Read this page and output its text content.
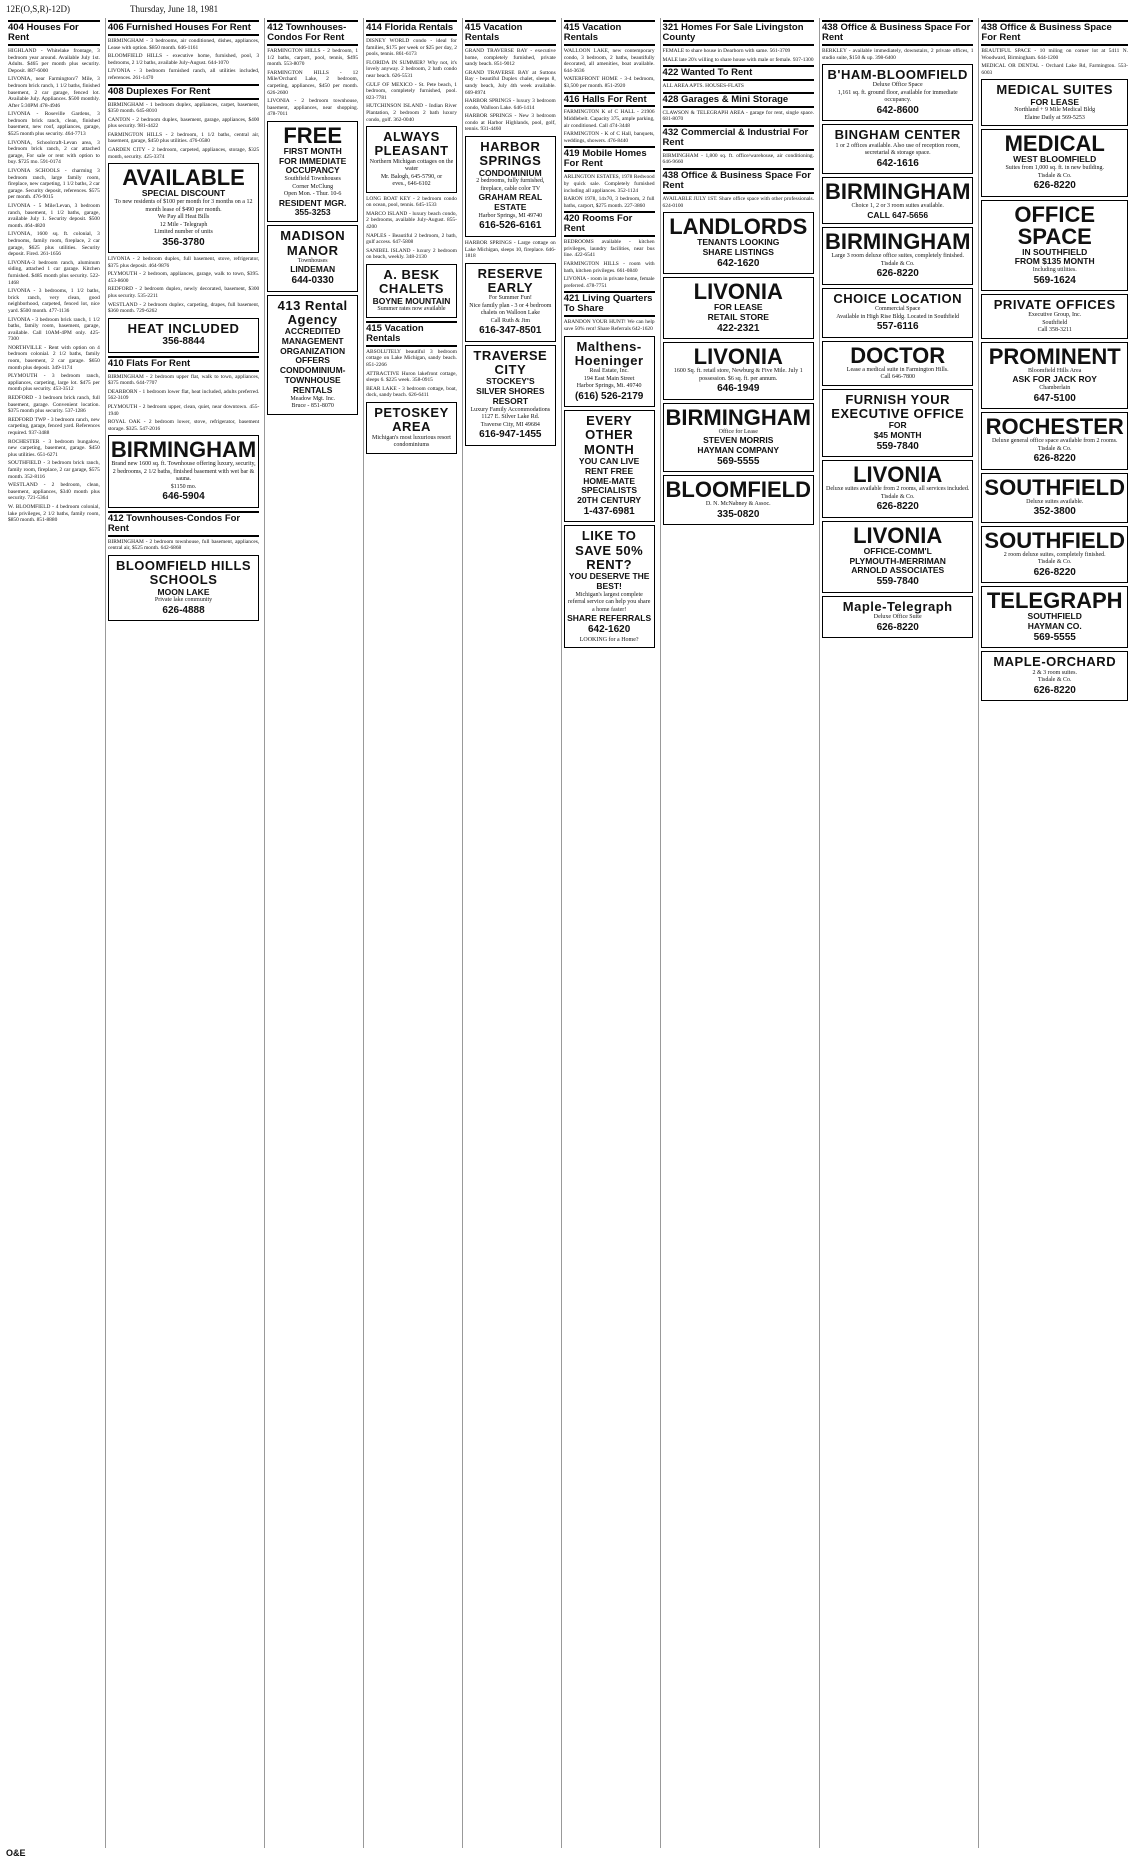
12E(O,S,R)-12D)	Thursday, June 18, 1981
404 Houses For Rent
HIGHLAND - Whitelake frontage, 3 bedroom year around. Available July 1st. Adults. $465 per month plus security. Deposit. 887-6000
LIVONIA, near Farmington/7 Mile, 3 bedroom brick ranch, 1 1/2 baths, finished basement, 2 car garage, fenced lot. Available July. Appliances. $500 monthly. After 5:30PM 478-4946
LIVONIA - Roseville Gardens, 3 bedroom brick ranch, clean, finished basement, new roof, appliances, garage, $525 month plus security. 464-7713
LIVONIA, Schoolcraft-Levan area, 3 bedroom brick ranch, 2 car attached garage, For sale or rent with option to buy. $725 mo. 591-0174
LIVONIA SCHOOLS - charming 3 bedroom ranch, large family room, fireplace, new carpeting, 1 1/2 baths, 2 car garage. Security deposit, references. $575 per month. 476-9015
LIVONIA - 5 Mile/Levan, 3 bedroom ranch, basement, 1 1/2 baths, garage, available July 1. Security deposit. $500 month. 464-4820
LIVONIA, 1600 sq. ft. colonial, 3 bedrooms, family room, fireplace, 2 car garage, $625 plus utilities. Security deposit. Fired. 261-1656
LIVONIA-3 bedroom ranch, aluminum siding, attached 1 car garage. Kitchen furnished. $485 month plus security. 522-1468
LIVONIA - 3 bedrooms, 1 1/2 baths, brick ranch, very clean, good neighborhood, carpeted, fenced lot, nice yard. $500 month. 477-1136
LIVONIA - 3 bedroom brick ranch, 1 1/2 baths, family room, basement, garage, available. Call 10AM-4PM only. 425-7300
NORTHVILLE - Rent with option on 4 bedroom colonial. 2 1/2 baths, family room, basement, 2 car garage. $650 month plus deposit. 349-1174
PLYMOUTH - 3 bedroom ranch, appliances, carpeting, large lot. $475 per month plus security. 453-3512
REDFORD - 3 bedroom brick ranch, full basement, garage. Convenient location. $375 month plus security. 537-1286
REDFORD TWP - 3 bedroom ranch, new carpeting, garage, fenced yard. References required. 937-3488
ROCHESTER - 3 bedroom bungalow, new carpeting, basement, garage. $450 plus utilities. 651-6271
SOUTHFIELD - 3 bedroom brick ranch, family room, fireplace, 2 car garage, $575 month. 352-8116
WESTLAND - 2 bedroom, clean, basement, appliances, $340 month plus security. 721-5364
W. BLOOMFIELD - 4 bedroom colonial, lake privileges, 2 1/2 baths, family room, $850 month. 851-8880
406 Furnished Houses For Rent
BIRMINGHAM - 3 bedrooms, air conditioned, dishes, appliances, Lease with option. $850 month. 646-1161
BLOOMFIELD HILLS - executive home, furnished, pool, 3 bedrooms, 2 1/2 baths, available July-August. 644-1070
LIVONIA - 3 bedroom furnished ranch, all utilities included, references. 261-1470
408 Duplexes For Rent
BIRMINGHAM - 1 bedroom duplex, appliances, carpet, basement, $350 month. 645-8010
CANTON - 2 bedroom duplex, basement, garage, appliances, $400 plus security. 981-4422
FARMINGTON HILLS - 2 bedroom, 1 1/2 baths, central air, basement, garage, $450 plus utilities. 476-0580
GARDEN CITY - 2 bedroom, carpeted, appliances, storage, $325 month, security. 425-3374
AVAILABLE
SPECIAL DISCOUNT
To new residents of $100 per month for 3 months on a 12 month lease of $490 per month.
We Pay all Heat Bills
12 Mile - Telegraph
Limited number of units
356-3780
LIVONIA - 2 bedroom duplex, full basement, stove, refrigerator, $375 plus deposit. 464-9876
PLYMOUTH - 2 bedroom, appliances, garage, walk to town, $395. 453-8600
REDFORD - 2 bedroom duplex, newly decorated, basement, $300 plus security. 535-2211
WESTLAND - 2 bedroom duplex, carpeting, drapes, full basement, $360 month. 729-6262
HEAT INCLUDED
356-8844
410 Flats For Rent
BIRMINGHAM - 2 bedroom upper flat, walk to town, appliances, $375 month. 644-7707
DEARBORN - 1 bedroom lower flat, heat included, adults preferred. 562-3109
PLYMOUTH - 2 bedroom upper, clean, quiet, near downtown. 455-1940
ROYAL OAK - 2 bedroom lower, stove, refrigerator, basement storage. $325. 547-2016
BIRMINGHAM
Brand new 1600 sq. ft. Townhouse offering luxury, security, 2 bedrooms, 2 1/2 baths, finished basement with wet bar & sauna.
$1150 mo.
646-5904
412 Townhouses-Condos For Rent
BIRMINGHAM - 2 bedroom townhouse, full basement, appliances, central air, $525 month. 642-6868
BLOOMFIELD HILLS SCHOOLS
MOON LAKE
Private lake community
626-4888
412 Townhouses-Condos For Rent
FARMINGTON HILLS - 2 bedroom, 1 1/2 baths, carport, pool, tennis, $495 month. 553-8070
FARMINGTON HILLS - 12 Mile/Orchard Lake, 2 bedroom, carpeting, appliances, $450 per month. 626-2600
LIVONIA - 2 bedroom townhouse, basement, appliances, near shopping. 478-7011
FREE
FIRST MONTH
FOR IMMEDIATE OCCUPANCY
Southfield Townhouses
Corner McClung
Open Mon. - Thur. 10-6
RESIDENT MGR. 355-3253
MADISON MANOR
Townhouses
LINDEMAN
644-0330
413 Rental Agency
ACCREDITED MANAGEMENT
ORGANIZATION OFFERS
CONDOMINIUM-TOWNHOUSE
RENTALS
Meadow Mgt. Inc.
Bruce - 851-8070
414 Florida Rentals
DISNEY WORLD condo - ideal for families, $175 per week or $25 per day, 2 pools, tennis. 861-6173
FLORIDA IN SUMMER? Why not, it's lovely anyway. 2 bedroom, 2 bath condo near beach. 626-5531
GULF OF MEXICO - St. Pete beach, 1 bedroom, completely furnished, pool. 823-7781
HUTCHINSON ISLAND - Indian River Plantation, 2 bedroom 2 bath luxury condo, golf. 362-0040
ALWAYS PLEASANT
Northern Michigan cottages on the water
Mr. Balogh, 645-5790, or
eves., 646-6102
LONG BOAT KEY - 2 bedroom condo on ocean, pool, tennis. 645-1533
MARCO ISLAND - luxury beach condo, 2 bedrooms, available July-August. 855-4200
NAPLES - Beautiful 2 bedroom, 2 bath, gulf access. 647-5808
SANIBEL ISLAND - luxury 2 bedroom on beach, weekly. 348-2130
A. BESK CHALETS
BOYNE MOUNTAIN
Summer rates now available
415 Vacation Rentals
ABSOLUTELY beautiful 3 bedroom cottage on Lake Michigan, sandy beach. 851-2266
ATTRACTIVE Huron lakefront cottage, sleeps 6. $225 week. 358-0915
BEAR LAKE - 3 bedroom cottage, boat, dock, sandy beach. 626-6411
PETOSKEY AREA
Michigan's most luxurious resort condominiums
415 Vacation Rentals
GRAND TRAVERSE BAY - executive home, completely furnished, private sandy beach. 851-9012
GRAND TRAVERSE BAY at Suttons Bay - beautiful Duplex chalet, sleeps 8, sandy beach, July 4th week available. 669-8974
HARBOR SPRINGS - luxury 3 bedroom condo, Walloon Lake. 646-1414
HARBOR SPRINGS - New 3 bedroom condo at Harbor Highlands, pool, golf, tennis. 931-4460
HARBOR SPRINGS
CONDOMINIUM
2 bedrooms, fully furnished, fireplace, cable color TV
GRAHAM REAL ESTATE
Harbor Springs, MI 49740
616-526-6161
HARBOR SPRINGS - Large cottage on Lake Michigan, sleeps 10, fireplace. 646-1818
RESERVE EARLY
For Summer Fun!
Nice family plan - 3 or 4 bedroom chalets on Walloon Lake
Call Ruth & Jim
616-347-8501
TRAVERSE CITY
STOCKEY'S
SILVER SHORES RESORT
Luxury Family Accommodations
1127 E. Silver Lake Rd.
Traverse City, MI 49684
616-947-1455
415 Vacation Rentals
WALLOON LAKE, new contemporary condo, 3 bedroom, 2 baths, beautifully decorated, all amenities, boat available. 644-3636
WATERFRONT HOME - 3-4 bedroom, $3,500 per month. 851-2920
416 Halls For Rent
FARMINGTON K of C HALL - 21906 Middlebelt. Capacity 375, ample parking, air conditioned. Call 474-3448
FARMINGTON - K of C Hall, banquets, weddings, showers. 476-8440
419 Mobile Homes For Rent
ARLINGTON ESTATES, 1978 Redwood by quick sale. Completely furnished including all appliances. 352-1124
BARON 1978, 14x70, 3 bedroom, 2 full baths, carport, $275 month. 227-3860
420 Rooms For Rent
BEDROOMS available - kitchen privileges, laundry facilities, near bus line. 422-6541
FARMINGTON HILLS - room with bath, kitchen privileges. 661-0840
LIVONIA - room in private home, female preferred. 478-7751
421 Living Quarters To Share
ABANDON YOUR HUNT! We can help save 50% rent! Share Referrals 642-1620
Malthens-Hoeninger
Real Estate, Inc.
194 East Main Street
Harbor Springs, Mi. 49740
(616) 526-2179
EVERY OTHER MONTH
YOU CAN LIVE RENT FREE
HOME-MATE SPECIALISTS
20TH CENTURY
1-437-6981
LIKE TO SAVE 50% RENT?
YOU DESERVE THE BEST!
Michigan's largest complete referral service can help you share a home faster!
SHARE REFERRALS
642-1620
LOOKING for a Home?
321 Homes For Sale Livingston County
FEMALE to share house in Dearborn with same. 561-3709
MALE late 20's willing to share house with male or female. 937-1300
422 Wanted To Rent
ALL AREA APTS. HOUSES-FLATS
428 Garages & Mini Storage
CLAWSON & TELEGRAPH AREA - garage for rent, single space. 681-8070
432 Commercial & Industrial For Rent
BIRMINGHAM - 1,800 sq. ft. office/warehouse, air conditioning. 646-9660
438 Office & Business Space For Rent
AVAILABLE JULY 1ST. Share office space with other professionals. 624-0100
LANDLORDS
TENANTS LOOKING
SHARE LISTINGS
642-1620
LIVONIA
FOR LEASE
RETAIL STORE
422-2321
LIVONIA
1600 Sq. ft. retail store, Newburg & Five Mile. July 1 possession. $6 sq. ft. per annum.
646-1949
BIRMINGHAM
Office for Lease
STEVEN MORRIS
HAYMAN COMPANY
569-5555
BLOOMFIELD
D. N. McNabney & Assoc.
335-0820
438 Office & Business Space For Rent
BERKLEY - available immediately, downstairs, 2 private offices, 1 studio suite, $150 & up. 398-6400
B'HAM-BLOOMFIELD
Deluxe Office Space
1,161 sq. ft. ground floor, available for immediate occupancy.
642-8600
BINGHAM CENTER
1 or 2 offices available. Also use of reception room, secretarial & storage space.
642-1616
BIRMINGHAM
Choice 1, 2 or 3 room suites available.
CALL 647-5656
BIRMINGHAM
Large 3 room deluxe office suites, completely finished.
Tisdale & Co.
626-8220
CHOICE LOCATION
Commercial Space
Available in High Rise Bldg. Located in Southfield
557-6116
DOCTOR
Lease a medical suite in Farmington Hills.
Call 646-7800
FURNISH YOUR EXECUTIVE OFFICE
FOR
$45 MONTH
559-7840
LIVONIA
Deluxe suites available from 2 rooms, all services included.
Tisdale & Co.
626-8220
LIVONIA
OFFICE-COMM'L
PLYMOUTH-MERRIMAN
ARNOLD ASSOCIATES
559-7840
Maple-Telegraph
Deluxe Office Suite
626-8220
438 Office & Business Space For Rent
BEAUTIFUL SPACE - 10 miling on corner lot at 5411 N. Woodward, Birmingham. 644-1200
MEDICAL OR DENTAL - Orchard Lake Rd, Farmington. 553-6003
MEDICAL SUITES
FOR LEASE
Northland + 9 Mile Medical Bldg
Elaine Daily at 569-5253
MEDICAL
WEST BLOOMFIELD
Suites from 1,000 sq. ft. in new building.
Tisdale & Co.
626-8220
OFFICE SPACE
IN SOUTHFIELD
FROM $135 MONTH
Including utilities.
569-1624
PRIVATE OFFICES
Executive Group, Inc.
Southfield
Call 358-3211
PROMINENT
Bloomfield Hills Area
ASK FOR JACK ROY
Chamberlain
647-5100
ROCHESTER
Deluxe general office space available from 2 rooms.
Tisdale & Co.
626-8220
SOUTHFIELD
Deluxe suites available.
352-3800
SOUTHFIELD
2 room deluxe suites, completely finished.
Tisdale & Co.
626-8220
TELEGRAPH
SOUTHFIELD
HAYMAN CO.
569-5555
MAPLE-ORCHARD
2 & 3 room suites.
Tisdale & Co.
626-8220
O&E
